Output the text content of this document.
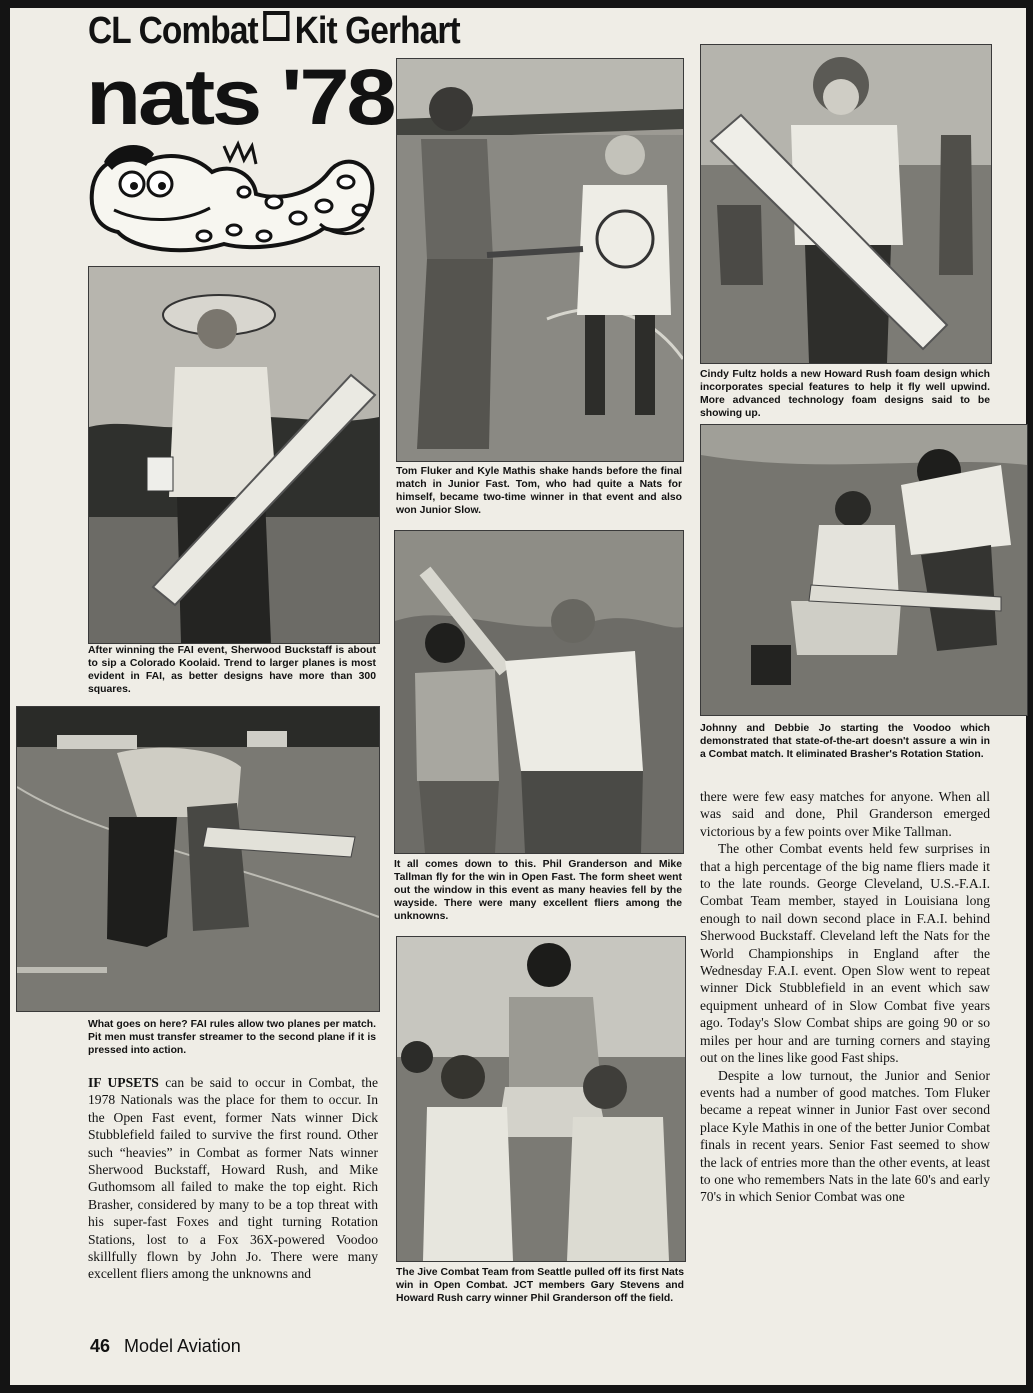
CL Combat Kit Gerhart
nats '78
After winning the FAI event, Sherwood Buckstaff is about to sip a Colorado Koolaid. Trend to larger planes is most evident in FAI, as better designs have more than 300 squares.
What goes on here? FAI rules allow two planes per match. Pit men must transfer streamer to the second plane if it is pressed into action.

IF UPSETS can be said to occur in Combat, the 1978 Nationals was the place for them to occur. In the Open Fast event, former Nats winner Dick Stubblefield failed to survive the first round. Other such “heavies” in Combat as former Nats winner Sherwood Buckstaff, Howard Rush, and Mike Guthomsom all failed to make the top eight. Rich Brasher, considered by many to be a top threat with his super-fast Foxes and tight turning Rotation Stations, lost to a Fox 36X-powered Voodoo skillfully flown by John Jo. There were many excellent fliers among the unknowns and

Tom Fluker and Kyle Mathis shake hands before the final match in Junior Fast. Tom, who had quite a Nats for himself, became two-time winner in that event and also won Junior Slow.
It all comes down to this. Phil Granderson and Mike Tallman fly for the win in Open Fast. The form sheet went out the window in this event as many heavies fell by the wayside. There were many excellent fliers among the unknowns.
The Jive Combat Team from Seattle pulled off its first Nats win in Open Combat. JCT members Gary Stevens and Howard Rush carry winner Phil Granderson off the field.
Cindy Fultz holds a new Howard Rush foam design which incorporates special features to help it fly well upwind. More advanced technology foam designs said to be showing up.
Johnny and Debbie Jo starting the Voodoo which demonstrated that state-of-the-art doesn't assure a win in a Combat match. It eliminated Brasher's Rotation Station.

there were few easy matches for anyone. When all was said and done, Phil Granderson emerged victorious by a few points over Mike Tallman.

The other Combat events held few surprises in that a high percentage of the big name fliers made it to the late rounds. George Cleveland, U.S.-F.A.I. Combat Team member, stayed in Louisiana long enough to nail down second place in F.A.I. behind Sherwood Buckstaff. Cleveland left the Nats for the World Championships in England after the Wednesday F.A.I. event. Open Slow went to repeat winner Dick Stubblefield in an event which saw equipment unheard of in Slow Combat five years ago. Today's Slow Combat ships are going 90 or so miles per hour and are turning corners and staying out on the lines like good Fast ships.

Despite a low turnout, the Junior and Senior events had a number of good matches. Tom Fluker became a repeat winner in Junior Fast over second place Kyle Mathis in one of the better Junior Combat finals in recent years. Senior Fast seemed to show the lack of entries more than the other events, at least to one who remembers Nats in the late 60's and early 70's in which Senior Combat was one

46 Model Aviation
